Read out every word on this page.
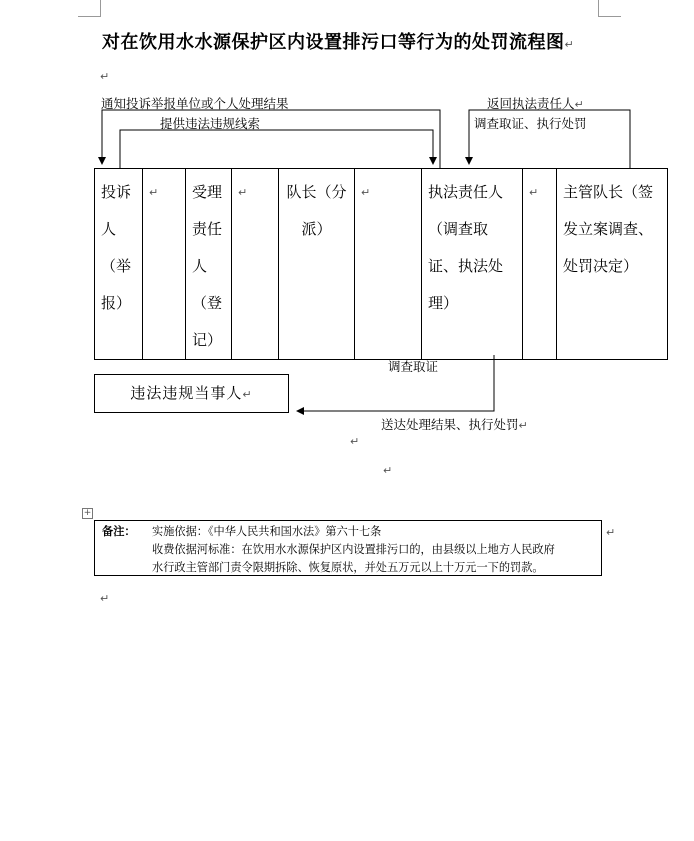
对在饮用水水源保护区内设置排污口等行为的处罚流程图↵
↵
通知投诉举报单位或个人处理结果
提供违法违规线索
返回执法责任人↵
调查取证、执行处罚
调查取证
送达处理结果、执行处罚↵
投诉人（举报）

↵	受理责任人（登记）

↵	队长（分派）

↵	执法责任人（调查取证、执法处理）

↵	主管队长（签发立案调查、处罚决定）
违法违规当事人↵
↵
↵
+
备注： 实施依据：《中华人民共和国水法》第六十七条
收费依据河标准：在饮用水水源保护区内设置排污口的，由县级以上地方人民政府
水行政主管部门责令限期拆除、恢复原状，并处五万元以上十万元一下的罚款。
↵
↵
